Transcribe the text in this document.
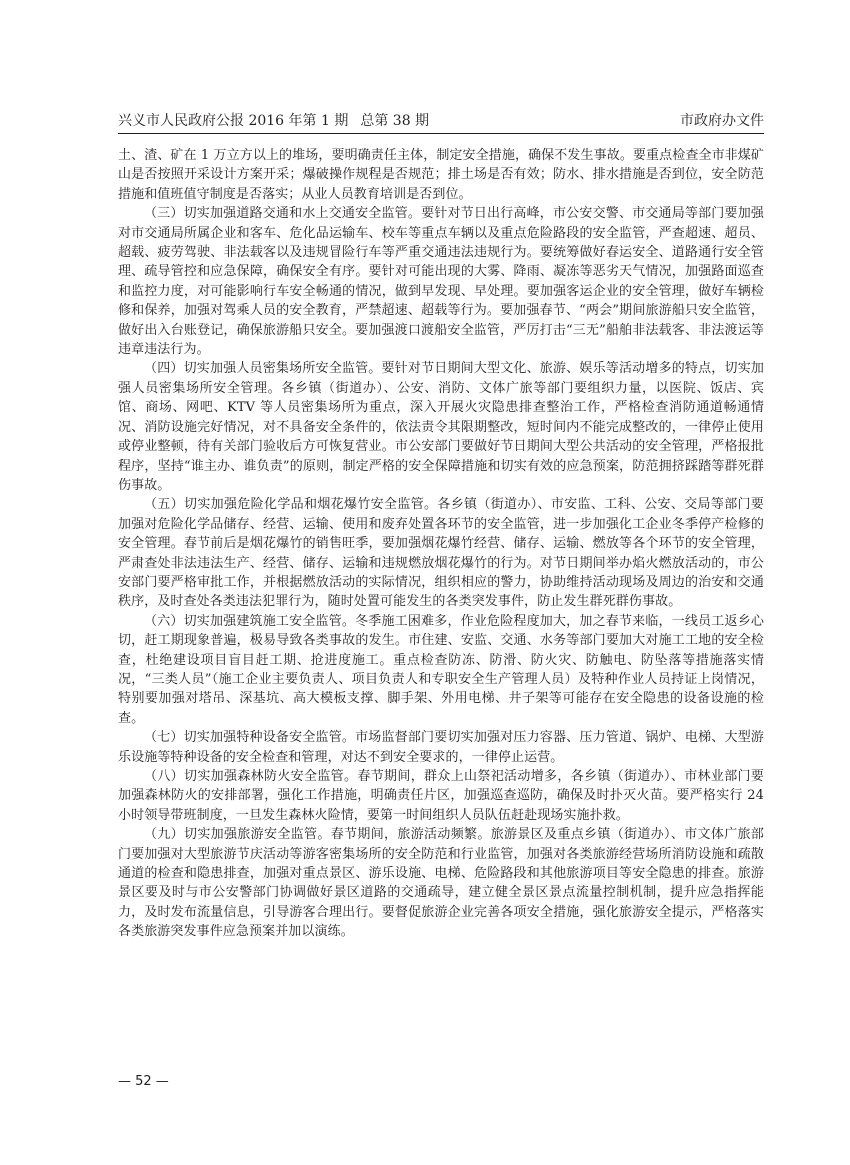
兴义市人民政府公报 2016 年第 1 期 总第 38 期	市政府办文件

土、渣、矿在 1 万立方以上的堆场，要明确责任主体，制定安全措施，确保不发生事故。要重点检查全市非煤矿山是否按照开采设计方案开采；爆破操作规程是否规范；排土场是否有效；防水、排水措施是否到位，安全防范措施和值班值守制度是否落实；从业人员教育培训是否到位。

（三）切实加强道路交通和水上交通安全监管。要针对节日出行高峰，市公安交警、市交通局等部门要加强对市交通局所属企业和客车、危化品运输车、校车等重点车辆以及重点危险路段的安全监管，严查超速、超员、超载、疲劳驾驶、非法载客以及违规冒险行车等严重交通违法违规行为。要统筹做好春运安全、道路通行安全管理、疏导管控和应急保障，确保安全有序。要针对可能出现的大雾、降雨、凝冻等恶劣天气情况，加强路面巡查和监控力度，对可能影响行车安全畅通的情况，做到早发现、早处理。要加强客运企业的安全管理，做好车辆检修和保养，加强对驾乘人员的安全教育，严禁超速、超载等行为。要加强春节、“两会”期间旅游船只安全监管，做好出入台账登记，确保旅游船只安全。要加强渡口渡船安全监管，严厉打击“三无”船舶非法载客、非法渡运等违章违法行为。

（四）切实加强人员密集场所安全监管。要针对节日期间大型文化、旅游、娱乐等活动增多的特点，切实加强人员密集场所安全管理。各乡镇（街道办）、公安、消防、文体广旅等部门要组织力量，以医院、饭店、宾馆、商场、网吧、KTV 等人员密集场所为重点，深入开展火灾隐患排查整治工作，严格检查消防通道畅通情况、消防设施完好情况，对不具备安全条件的，依法责令其限期整改，短时间内不能完成整改的，一律停止使用或停业整顿，待有关部门验收后方可恢复营业。市公安部门要做好节日期间大型公共活动的安全管理，严格报批程序，坚持“谁主办、谁负责”的原则，制定严格的安全保障措施和切实有效的应急预案，防范拥挤踩踏等群死群伤事故。

（五）切实加强危险化学品和烟花爆竹安全监管。各乡镇（街道办）、市安监、工科、公安、交局等部门要加强对危险化学品储存、经营、运输、使用和废弃处置各环节的安全监管，进一步加强化工企业冬季停产检修的安全管理。春节前后是烟花爆竹的销售旺季，要加强烟花爆竹经营、储存、运输、燃放等各个环节的安全管理，严肃查处非法违法生产、经营、储存、运输和违规燃放烟花爆竹的行为。对节日期间举办焰火燃放活动的，市公安部门要严格审批工作，并根据燃放活动的实际情况，组织相应的警力，协助维持活动现场及周边的治安和交通秩序，及时查处各类违法犯罪行为，随时处置可能发生的各类突发事件，防止发生群死群伤事故。

（六）切实加强建筑施工安全监管。冬季施工困难多，作业危险程度加大，加之春节来临，一线员工返乡心切，赶工期现象普遍，极易导致各类事故的发生。市住建、安监、交通、水务等部门要加大对施工工地的安全检查，杜绝建设项目盲目赶工期、抢进度施工。重点检查防冻、防滑、防火灾、防触电、防坠落等措施落实情况，“三类人员”（施工企业主要负责人、项目负责人和专职安全生产管理人员）及特种作业人员持证上岗情况，特别要加强对塔吊、深基坑、高大模板支撑、脚手架、外用电梯、井子架等可能存在安全隐患的设备设施的检查。

（七）切实加强特种设备安全监管。市场监督部门要切实加强对压力容器、压力管道、锅炉、电梯、大型游乐设施等特种设备的安全检查和管理，对达不到安全要求的，一律停止运营。

（八）切实加强森林防火安全监管。春节期间，群众上山祭祀活动增多，各乡镇（街道办）、市林业部门要加强森林防火的安排部署，强化工作措施，明确责任片区，加强巡查巡防，确保及时扑灭火苗。要严格实行 24 小时领导带班制度，一旦发生森林火险情，要第一时间组织人员队伍赶赴现场实施扑救。

（九）切实加强旅游安全监管。春节期间，旅游活动频繁。旅游景区及重点乡镇（街道办）、市文体广旅部门要加强对大型旅游节庆活动等游客密集场所的安全防范和行业监管，加强对各类旅游经营场所消防设施和疏散通道的检查和隐患排查，加强对重点景区、游乐设施、电梯、危险路段和其他旅游项目等安全隐患的排查。旅游景区要及时与市公安警部门协调做好景区道路的交通疏导，建立健全景区景点流量控制机制，提升应急指挥能力，及时发布流量信息，引导游客合理出行。要督促旅游企业完善各项安全措施，强化旅游安全提示，严格落实各类旅游突发事件应急预案并加以演练。

— 52 —
